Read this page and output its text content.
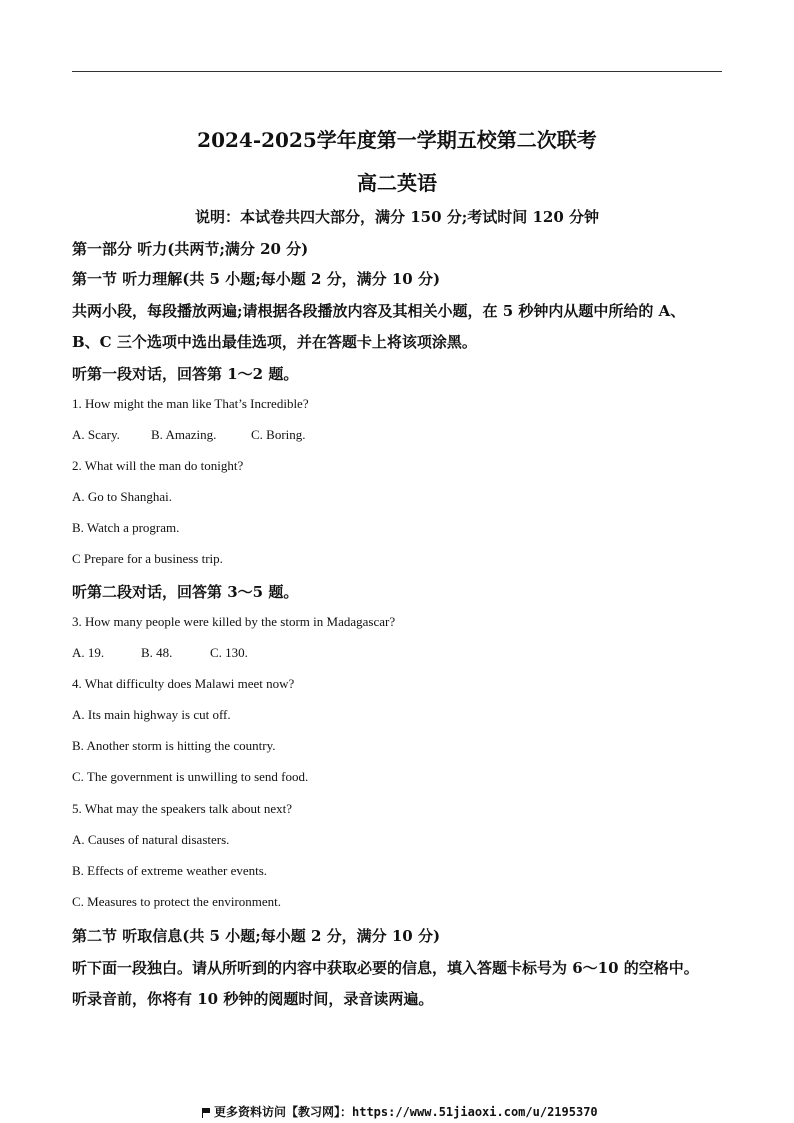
2024-2025学年度第一学期五校第二次联考
高二英语
说明：本试卷共四大部分，满分 150 分;考试时间 120 分钟
第一部分 听力(共两节;满分 20 分)
第一节 听力理解(共 5 小题;每小题 2 分，满分 10 分)
共两小段，每段播放两遍;请根据各段播放内容及其相关小题，在 5 秒钟内从题中所给的 A、
B、C 三个选项中选出最佳选项，并在答题卡上将该项涂黑。
听第一段对话，回答第 1～2 题。
1. How might the man like That’s Incredible?
A. Scary. B. Amazing.	C. Boring.
2. What will the man do tonight?
A. Go to Shanghai.
B. Watch a program.
C Prepare for a business trip.
听第二段对话，回答第 3～5 题。
3. How many people were killed by the storm in Madagascar?
A. 19.	B. 48.	C. 130.
4. What difficulty does Malawi meet now?
A. Its main highway is cut off.
B. Another storm is hitting the country.
C. The government is unwilling to send food.
5. What may the speakers talk about next?
A. Causes of natural disasters.
B. Effects of extreme weather events.
C. Measures to protect the environment.
第二节 听取信息(共 5 小题;每小题 2 分，满分 10 分)
听下面一段独白。请从所听到的内容中获取必要的信息，填入答题卡标号为 6～10 的空格中。
听录音前，你将有 10 秒钟的阅题时间，录音读两遍。
更多资料访问【教习网】：https://www.51jiaoxi.com/u/2195370
